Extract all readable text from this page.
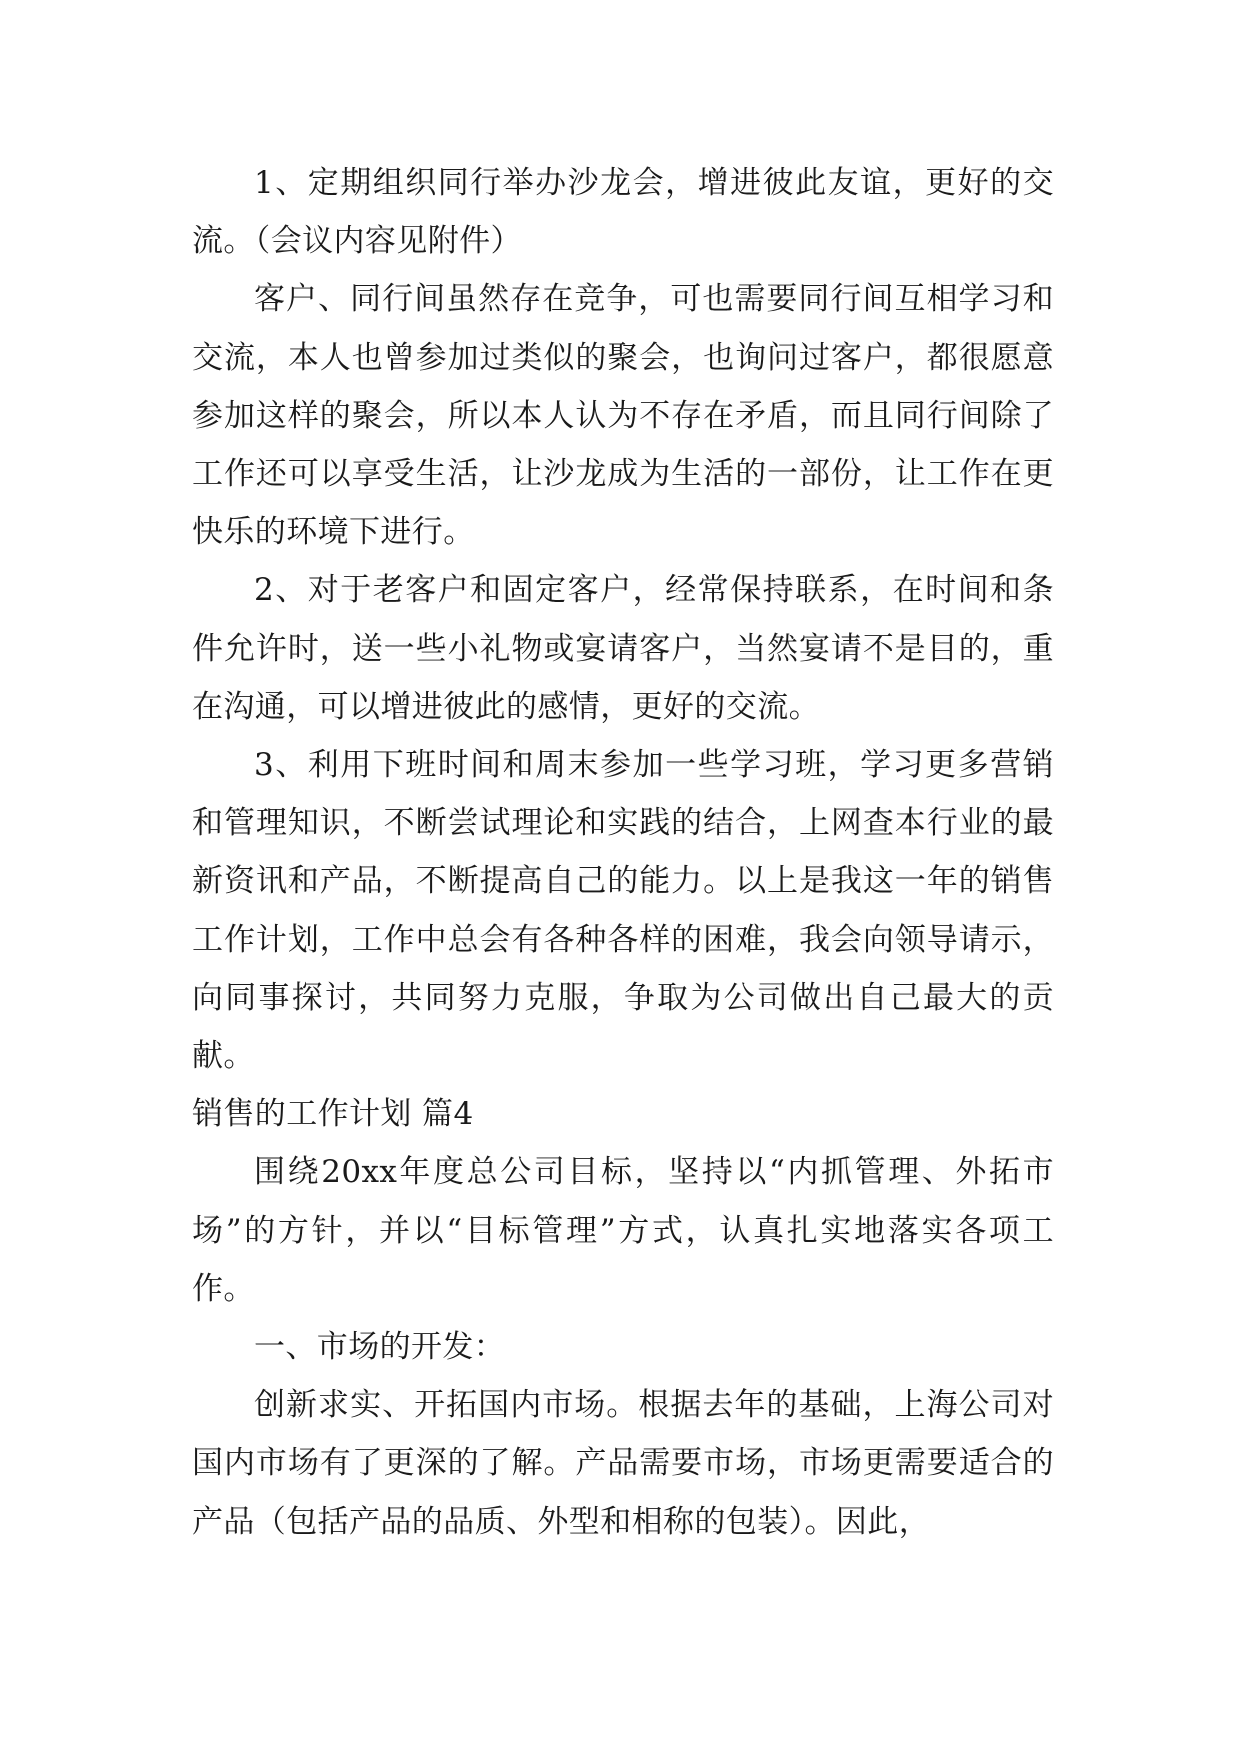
1、定期组织同行举办沙龙会，增进彼此友谊，更好的交流。（会议内容见附件）

客户、同行间虽然存在竞争，可也需要同行间互相学习和交流，本人也曾参加过类似的聚会，也询问过客户，都很愿意参加这样的聚会，所以本人认为不存在矛盾，而且同行间除了工作还可以享受生活，让沙龙成为生活的一部份，让工作在更快乐的环境下进行。

2、对于老客户和固定客户，经常保持联系，在时间和条件允许时，送一些小礼物或宴请客户，当然宴请不是目的，重在沟通，可以增进彼此的感情，更好的交流。

3、利用下班时间和周末参加一些学习班，学习更多营销和管理知识，不断尝试理论和实践的结合，上网查本行业的最新资讯和产品，不断提高自己的能力。以上是我这一年的销售工作计划，工作中总会有各种各样的困难，我会向领导请示，向同事探讨，共同努力克服，争取为公司做出自己最大的贡献。

销售的工作计划 篇4

围绕20xx年度总公司目标，坚持以“内抓管理、外拓市场”的方针，并以“目标管理”方式，认真扎实地落实各项工作。

一、市场的开发：

创新求实、开拓国内市场。根据去年的基础，上海公司对国内市场有了更深的了解。产品需要市场，市场更需要适合的产品（包括产品的品质、外型和相称的包装）。因此，
